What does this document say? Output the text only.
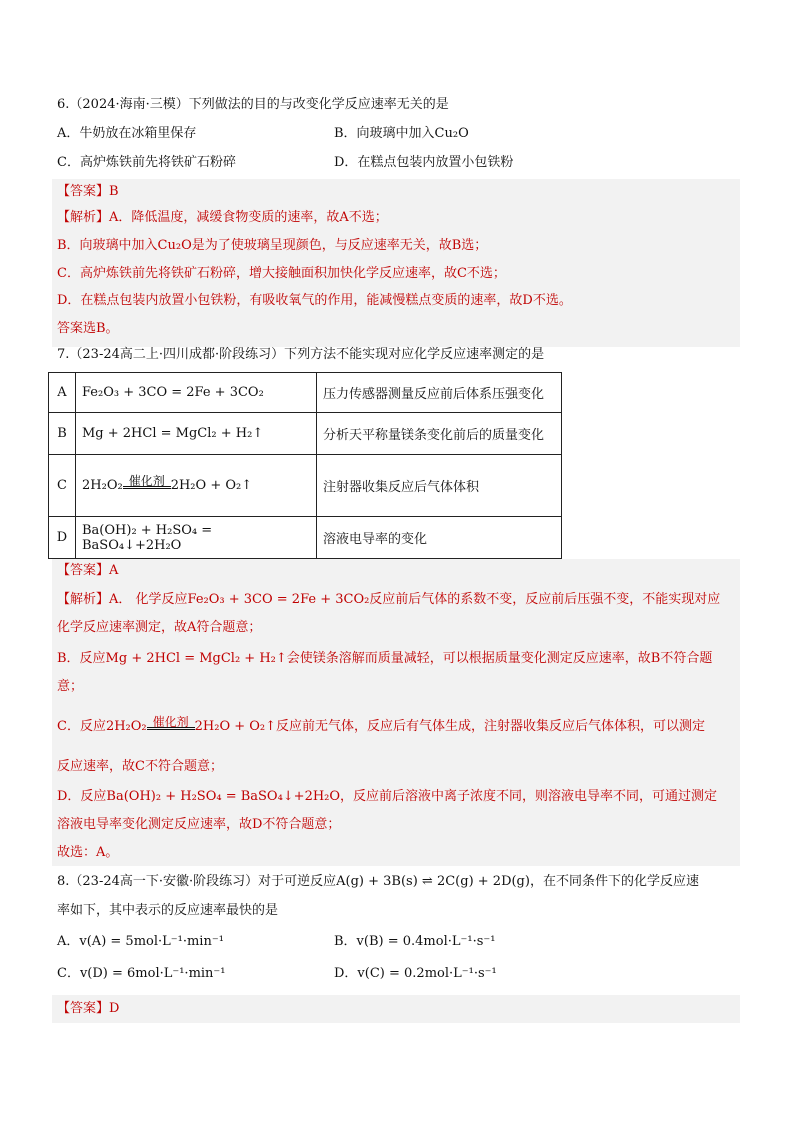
6.（2024·海南·三模）下列做法的目的与改变化学反应速率无关的是
A．牛奶放在冰箱里保存	B．向玻璃中加入Cu₂O
C．高炉炼铁前先将铁矿石粉碎	D．在糕点包装内放置小包铁粉
【答案】B
【解析】A．降低温度，减缓食物变质的速率，故A不选；
B．向玻璃中加入Cu₂O是为了使玻璃呈现颜色，与反应速率无关，故B选；
C．高炉炼铁前先将铁矿石粉碎，增大接触面积加快化学反应速率，故C不选；
D．在糕点包装内放置小包铁粉，有吸收氧气的作用，能减慢糕点变质的速率，故D不选。
答案选B。
7.（23-24高二上·四川成都·阶段练习）下列方法不能实现对应化学反应速率测定的是
A	Fe₂O₃ + 3CO = 2Fe + 3CO₂	压力传感器测量反应前后体系压强变化
B	Mg + 2HCl = MgCl₂ + H₂↑	分析天平称量镁条变化前后的质量变化
C	2H₂O₂ 催化剂 2H₂O + O₂↑	注射器收集反应后气体体积
D	Ba(OH)₂ + H₂SO₄ = BaSO₄↓+2H₂O	溶液电导率的变化
【答案】A
【解析】A． 化学反应Fe₂O₃ + 3CO = 2Fe + 3CO₂反应前后气体的系数不变，反应前后压强不变，不能实现对应
化学反应速率测定，故A符合题意；
B．反应Mg + 2HCl = MgCl₂ + H₂↑会使镁条溶解而质量减轻，可以根据质量变化测定反应速率，故B不符合题
意；
C．反应2H₂O₂ 催化剂 2H₂O + O₂↑反应前无气体，反应后有气体生成，注射器收集反应后气体体积，可以测定
反应速率，故C不符合题意；
D．反应Ba(OH)₂ + H₂SO₄ = BaSO₄↓+2H₂O，反应前后溶液中离子浓度不同，则溶液电导率不同，可通过测定
溶液电导率变化测定反应速率，故D不符合题意；
故选：A。
8.（23-24高一下·安徽·阶段练习）对于可逆反应A(g) + 3B(s) ⇌ 2C(g) + 2D(g)，在不同条件下的化学反应速
率如下，其中表示的反应速率最快的是
A．v(A) = 5mol·L⁻¹·min⁻¹	B．v(B) = 0.4mol·L⁻¹·s⁻¹
C．v(D) = 6mol·L⁻¹·min⁻¹	D．v(C) = 0.2mol·L⁻¹·s⁻¹
【答案】D
